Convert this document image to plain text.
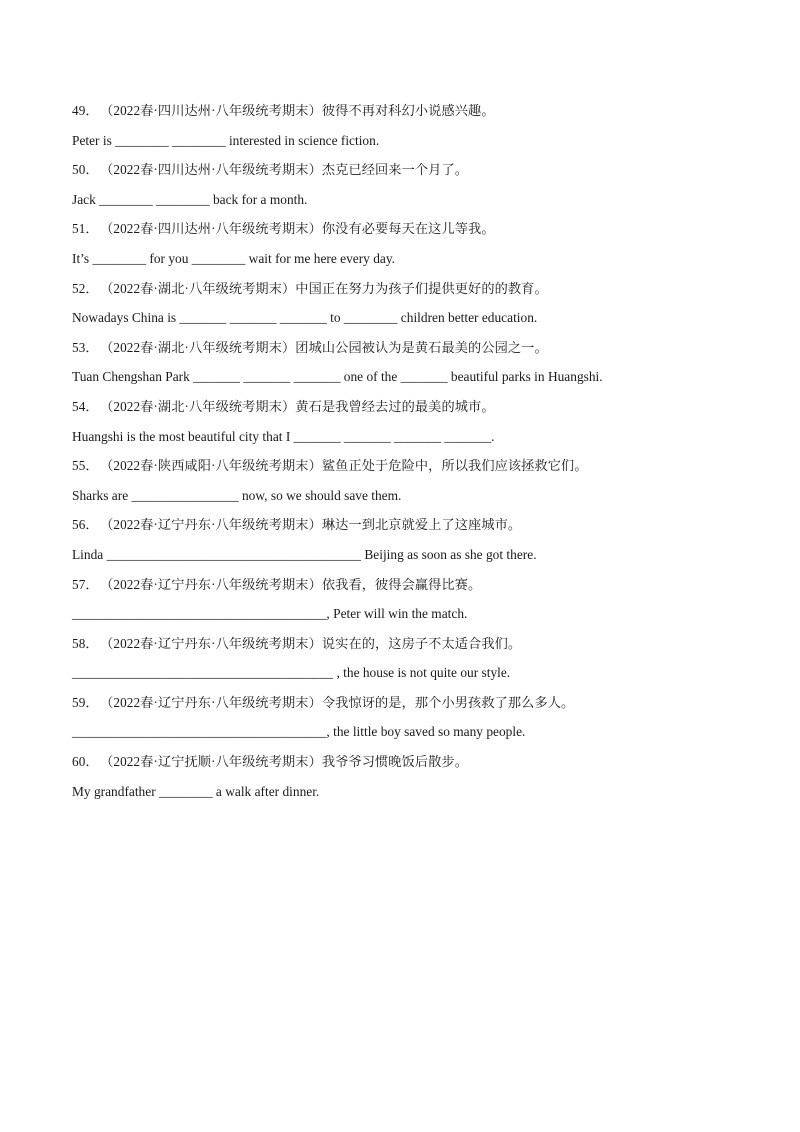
49． （2022春·四川达州·八年级统考期末）彼得不再对科幻小说感兴趣。
Peter is ________ ________ interested in science fiction.
50． （2022春·四川达州·八年级统考期末）杰克已经回来一个月了。
Jack ________ ________ back for a month.
51． （2022春·四川达州·八年级统考期末）你没有必要每天在这儿等我。
It’s ________ for you ________ wait for me here every day.
52． （2022春·湖北·八年级统考期末）中国正在努力为孩子们提供更好的的教育。
Nowadays China is _______ _______ _______ to ________ children better education.
53． （2022春·湖北·八年级统考期末）团城山公园被认为是黄石最美的公园之一。
Tuan Chengshan Park _______ _______ _______ one of the _______ beautiful parks in Huangshi.
54． （2022春·湖北·八年级统考期末）黄石是我曾经去过的最美的城市。
Huangshi is the most beautiful city that I _______ _______ _______ _______.
55． （2022春·陕西咸阳·八年级统考期末）鲨鱼正处于危险中，所以我们应该拯救它们。
Sharks are ________________ now, so we should save them.
56． （2022春·辽宁丹东·八年级统考期末）琳达一到北京就爱上了这座城市。
Linda ______________________________________ Beijing as soon as she got there.
57． （2022春·辽宁丹东·八年级统考期末）依我看，彼得会赢得比赛。
______________________________________, Peter will win the match.
58． （2022春·辽宁丹东·八年级统考期末）说实在的，这房子不太适合我们。
_______________________________________ , the house is not quite our style.
59． （2022春·辽宁丹东·八年级统考期末）令我惊讶的是，那个小男孩救了那么多人。
______________________________________, the little boy saved so many people.
60． （2022春·辽宁抚顺·八年级统考期末）我爷爷习惯晚饭后散步。
My grandfather ________ a walk after dinner.
